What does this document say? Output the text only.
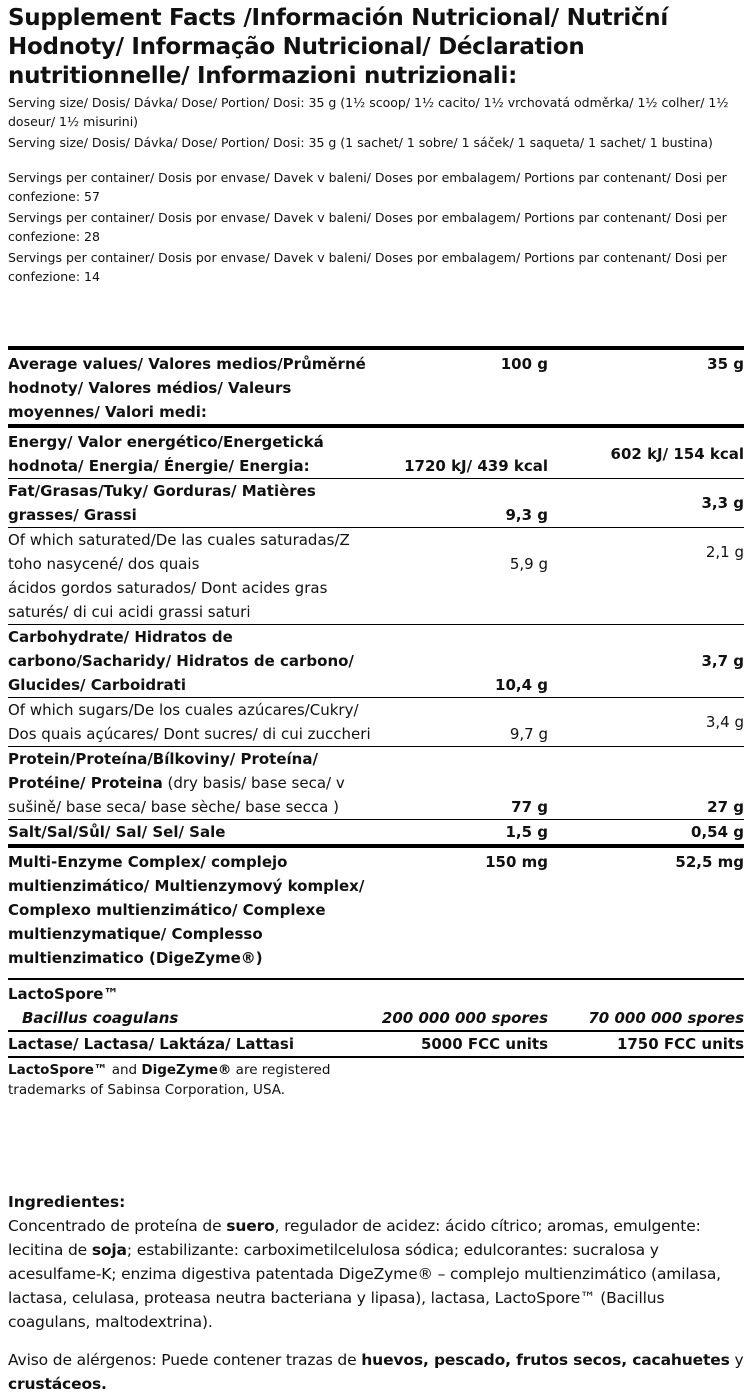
Supplement Facts /Información Nutricional/ Nutriční Hodnoty/ Informação Nutricional/ Déclaration nutritionnelle/ Informazioni nutrizionali:

Serving size/ Dosis/ Dávka/ Dose/ Portion/ Dosi: 35 g (1½ scoop/ 1½ cacito/ 1½ vrchovatá odměrka/ 1½ colher/ 1½ doseur/ 1½ misurini)

Serving size/ Dosis/ Dávka/ Dose/ Portion/ Dosi: 35 g (1 sachet/ 1 sobre/ 1 sáček/ 1 saqueta/ 1 sachet/ 1 bustina)

Servings per container/ Dosis por envase/ Davek v baleni/ Doses por embalagem/ Portions par contenant/ Dosi per confezione: 57

Servings per container/ Dosis por envase/ Davek v baleni/ Doses por embalagem/ Portions par contenant/ Dosi per confezione: 28

Servings per container/ Dosis por envase/ Davek v baleni/ Doses por embalagem/ Portions par contenant/ Dosi per confezione: 14

Average values/ Valores medios/Průměrné hodnoty/ Valores médios/ Valeurs moyennes/ Valori medi:	100 g	35 g
Energy/ Valor energético/Energetická hodnota/ Energia/ Énergie/ Energia:	1720 kJ/ 439 kcal	602 kJ/ 154 kcal
Fat/Grasas/Tuky/ Gorduras/ Matières grasses/ Grassi	9,3 g	3,3 g
Of which saturated/De las cuales saturadas/Z toho nasycené/ dos quais	5,9 g	2,1 g
ácidos gordos saturados/ Dont acides gras saturés/ di cui acidi grassi saturi		
Carbohydrate/ Hidratos de carbono/Sacharidy/ Hidratos de carbono/ Glucides/ Carboidrati	10,4 g	3,7 g
Of which sugars/De los cuales azúcares/Cukry/ Dos quais açúcares/ Dont sucres/ di cui zuccheri	9,7 g	3,4 g
Protein/Proteína/Bílkoviny/ Proteína/ Protéine/ Proteina (dry basis/ base seca/ v sušině/ base seca/ base sèche/ base secca )	77 g	27 g
Salt/Sal/Sůl/ Sal/ Sel/ Sale	1,5 g	0,54 g
Multi-Enzyme Complex/ complejo multienzimático/ Multienzymový komplex/ Complexo multienzimático/ Complexe multienzymatique/ Complesso multienzimatico (DigeZyme®)	150 mg	52,5 mg
LactoSpore™		
Bacillus coagulans	200 000 000 spores	70 000 000 spores
Lactase/ Lactasa/ Laktáza/ Lattasi	5000 FCC units	1750 FCC units
LactoSpore™ and DigeZyme® are registered trademarks of Sabinsa Corporation, USA.		
Ingredientes:

Concentrado de proteína de suero, regulador de acidez: ácido cítrico; aromas, emulgente: lecitina de soja; estabilizante: carboximetilcelulosa sódica; edulcorantes: sucralosa y acesulfame-K; enzima digestiva patentada DigeZyme® – complejo multienzimático (amilasa, lactasa, celulasa, proteasa neutra bacteriana y lipasa), lactasa, LactoSpore™ (Bacillus coagulans, maltodextrina).

Aviso de alérgenos: Puede contener trazas de huevos, pescado, frutos secos, cacahuetes y crustáceos.
